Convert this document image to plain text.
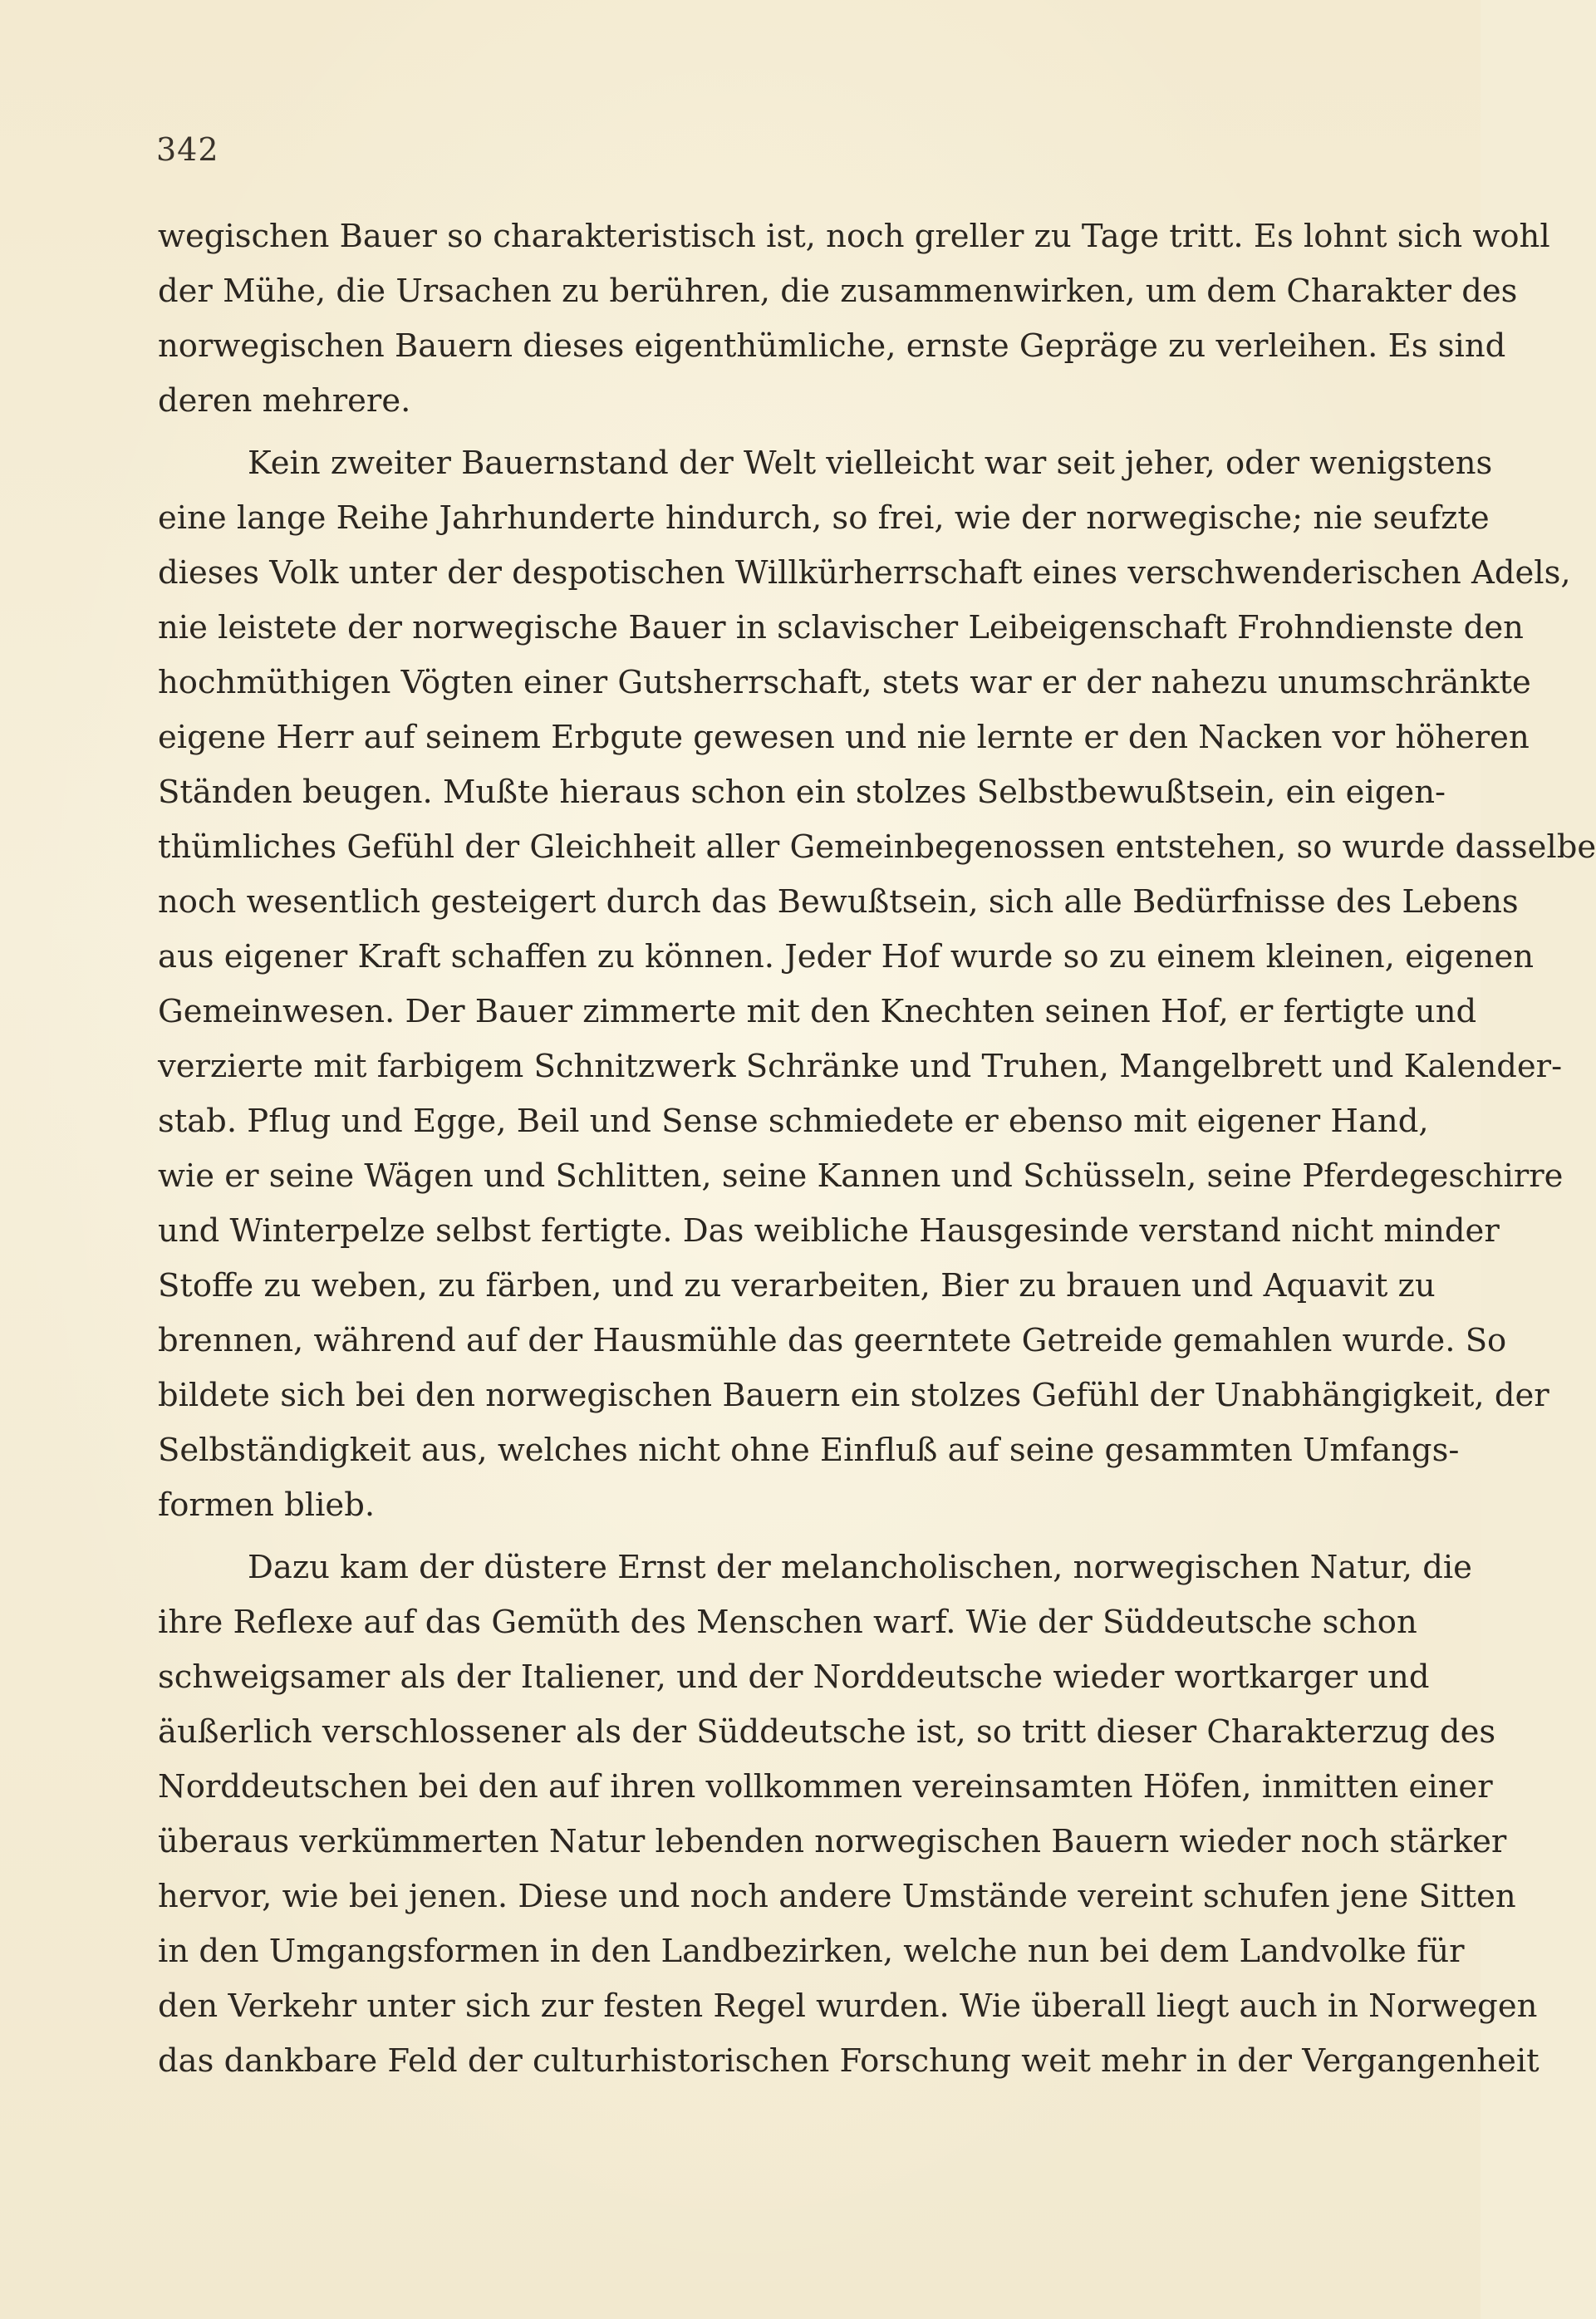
342
wegischen Bauer so charakteristisch ist, noch greller zu Tage tritt. Es lohnt sich wohl
der Mühe, die Ursachen zu berühren, die zusammenwirken, um dem Charakter des
norwegischen Bauern dieses eigenthümliche, ernste Gepräge zu verleihen. Es sind
deren mehrere.
Kein zweiter Bauernstand der Welt vielleicht war seit jeher, oder wenigstens
eine lange Reihe Jahrhunderte hindurch, so frei, wie der norwegische; nie seufzte
dieses Volk unter der despotischen Willkürherrschaft eines verschwenderischen Adels,
nie leistete der norwegische Bauer in sclavischer Leibeigenschaft Frohndienste den
hochmüthigen Vögten einer Gutsherrschaft, stets war er der nahezu unumschränkte
eigene Herr auf seinem Erbgute gewesen und nie lernte er den Nacken vor höheren
Ständen beugen. Mußte hieraus schon ein stolzes Selbstbewußtsein, ein eigen-
thümliches Gefühl der Gleichheit aller Gemeinbegenossen entstehen, so wurde dasselbe
noch wesentlich gesteigert durch das Bewußtsein, sich alle Bedürfnisse des Lebens
aus eigener Kraft schaffen zu können. Jeder Hof wurde so zu einem kleinen, eigenen
Gemeinwesen. Der Bauer zimmerte mit den Knechten seinen Hof, er fertigte und
verzierte mit farbigem Schnitzwerk Schränke und Truhen, Mangelbrett und Kalender-
stab. Pflug und Egge, Beil und Sense schmiedete er ebenso mit eigener Hand,
wie er seine Wägen und Schlitten, seine Kannen und Schüsseln, seine Pferdegeschirre
und Winterpelze selbst fertigte. Das weibliche Hausgesinde verstand nicht minder
Stoffe zu weben, zu färben, und zu verarbeiten, Bier zu brauen und Aquavit zu
brennen, während auf der Hausmühle das geerntete Getreide gemahlen wurde. So
bildete sich bei den norwegischen Bauern ein stolzes Gefühl der Unabhängigkeit, der
Selbständigkeit aus, welches nicht ohne Einfluß auf seine gesammten Umfangs-
formen blieb.
Dazu kam der düstere Ernst der melancholischen, norwegischen Natur, die
ihre Reflexe auf das Gemüth des Menschen warf. Wie der Süddeutsche schon
schweigsamer als der Italiener, und der Norddeutsche wieder wortkarger und
äußerlich verschlossener als der Süddeutsche ist, so tritt dieser Charakterzug des
Norddeutschen bei den auf ihren vollkommen vereinsamten Höfen, inmitten einer
überaus verkümmerten Natur lebenden norwegischen Bauern wieder noch stärker
hervor, wie bei jenen. Diese und noch andere Umstände vereint schufen jene Sitten
in den Umgangsformen in den Landbezirken, welche nun bei dem Landvolke für
den Verkehr unter sich zur festen Regel wurden. Wie überall liegt auch in Norwegen
das dankbare Feld der culturhistorischen Forschung weit mehr in der Vergangenheit
